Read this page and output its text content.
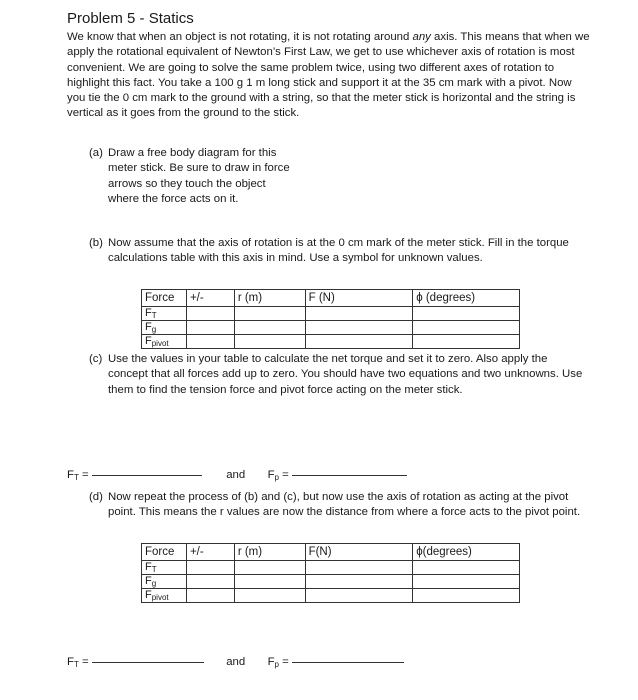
Problem 5 - Statics
We know that when an object is not rotating, it is not rotating around any axis. This means that when we apply the rotational equivalent of Newton’s First Law, we get to use whichever axis of rotation is most convenient. We are going to solve the same problem twice, using two different axes of rotation to highlight this fact. You take a 100 g 1 m long stick and support it at the 35 cm mark with a pivot. Now you tie the 0 cm mark to the ground with a string, so that the meter stick is horizontal and the string is vertical as it goes from the ground to the stick.
(a) Draw a free body diagram for this meter stick. Be sure to draw in force arrows so they touch the object where the force acts on it.
(b) Now assume that the axis of rotation is at the 0 cm mark of the meter stick. Fill in the torque calculations table with this axis in mind. Use a symbol for unknown values.
Force	+/-	r (m)	F (N)	ϕ (degrees)
$F_T$				
$F_g$				
$F_{pivot}$				
(c) Use the values in your table to calculate the net torque and set it to zero. Also apply the concept that all forces add up to zero. You should have two equations and two unknowns. Use them to find the tension force and pivot force acting on the meter stick.
$F_T$ =	and $F_p$ =
(d) Now repeat the process of (b) and (c), but now use the axis of rotation as acting at the pivot point. This means the r values are now the distance from where a force acts to the pivot point.
Force	+/-	r (m)	F(N)	ϕ(degrees)
$F_T$				
$F_g$				
$F_{pivot}$				
$F_T$ =	and $F_p$ =
